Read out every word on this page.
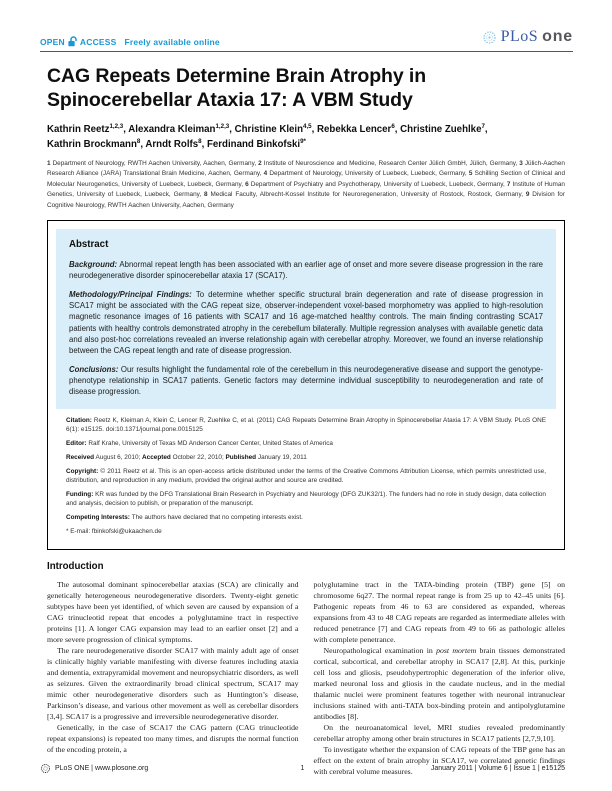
OPEN ACCESS Freely available online	PLoS one
CAG Repeats Determine Brain Atrophy in
Spinocerebellar Ataxia 17: A VBM Study
Kathrin Reetz$^{1,2,3}$, Alexandra Kleiman$^{1,2,3}$, Christine Klein$^{4,5}$, Rebekka Lencer$^6$, Christine Zuehlke$^7$,
Kathrin Brockmann$^8$, Arndt Rolfs$^8$, Ferdinand Binkofski$^{9*}$
1 Department of Neurology, RWTH Aachen University, Aachen, Germany, 2 Institute of Neuroscience and Medicine, Research Center Jülich GmbH, Jülich, Germany, 3 Jülich-Aachen Research Alliance (JARA) Translational Brain Medicine, Aachen, Germany, 4 Department of Neurology, University of Luebeck, Luebeck, Germany, 5 Schilling Section of Clinical and Molecular Neurogenetics, University of Luebeck, Luebeck, Germany, 6 Department of Psychiatry and Psychotherapy, University of Luebeck, Luebeck, Germany, 7 Institute of Human Genetics, University of Luebeck, Luebeck, Germany, 8 Medical Faculty, Albrecht-Kossel Institute for Neuroregeneration, University of Rostock, Rostock, Germany, 9 Division for Cognitive Neurology, RWTH Aachen University, Aachen, Germany
Abstract

Background: Abnormal repeat length has been associated with an earlier age of onset and more severe disease progression in the rare neurodegenerative disorder spinocerebellar ataxia 17 (SCA17).

Methodology/Principal Findings: To determine whether specific structural brain degeneration and rate of disease progression in SCA17 might be associated with the CAG repeat size, observer-independent voxel-based morphometry was applied to high-resolution magnetic resonance images of 16 patients with SCA17 and 16 age-matched healthy controls. The main finding contrasting SCA17 patients with healthy controls demonstrated atrophy in the cerebellum bilaterally. Multiple regression analyses with available genetic data and also post-hoc correlations revealed an inverse relationship again with cerebellar atrophy. Moreover, we found an inverse relationship between the CAG repeat length and rate of disease progression.

Conclusions: Our results highlight the fundamental role of the cerebellum in this neurodegenerative disease and support the genotype-phenotype relationship in SCA17 patients. Genetic factors may determine individual susceptibility to neurodegeneration and rate of disease progression.

Citation: Reetz K, Kleiman A, Klein C, Lencer R, Zuehlke C, et al. (2011) CAG Repeats Determine Brain Atrophy in Spinocerebellar Ataxia 17: A VBM Study. PLoS ONE 6(1): e15125. doi:10.1371/journal.pone.0015125

Editor: Ralf Krahe, University of Texas MD Anderson Cancer Center, United States of America

Received August 6, 2010; Accepted October 22, 2010; Published January 19, 2011

Copyright: © 2011 Reetz et al. This is an open-access article distributed under the terms of the Creative Commons Attribution License, which permits unrestricted use, distribution, and reproduction in any medium, provided the original author and source are credited.

Funding: KR was funded by the DFG Translational Brain Research in Psychiatry and Neurology (DFG ZUK32/1). The funders had no role in study design, data collection and analysis, decision to publish, or preparation of the manuscript.

Competing Interests: The authors have declared that no competing interests exist.

* E-mail: fbinkofski@ukaachen.de

Introduction

The autosomal dominant spinocerebellar ataxias (SCA) are clinically and genetically heterogeneous neurodegenerative disorders. Twenty-eight genetic subtypes have been yet identified, of which seven are caused by expansion of a CAG trinucleotid repeat that encodes a polyglutamine tract in respective proteins [1]. A longer CAG expansion may lead to an earlier onset [2] and a more severe progression of clinical symptoms.

The rare neurodegenerative disorder SCA17 with mainly adult age of onset is clinically highly variable manifesting with diverse features including ataxia and dementia, extrapyramidal movement and neuropsychiatric disorders, as well as seizures. Given the extraordinarily broad clinical spectrum, SCA17 may mimic other neurodegenerative disorders such as Huntington’s disease, Parkinson’s disease, and various other movement as well as cerebellar disorders [3,4]. SCA17 is a progressive and irreversible neurodegenerative disorder.

Genetically, in the case of SCA17 the CAG pattern (CAG trinucleotide repeat expansions) is repeated too many times, and disrupts the normal function of the encoding protein, a

polyglutamine tract in the TATA-binding protein (TBP) gene [5] on chromosome 6q27. The normal repeat range is from 25 up to 42–45 units [6]. Pathogenic repeats from 46 to 63 are considered as expanded, whereas expansions from 43 to 48 CAG repeats are regarded as intermediate alleles with reduced penetrance [7] and CAG repeats from 49 to 66 as pathologic alleles with complete penetrance.

Neuropathological examination in post mortem brain tissues demonstrated cortical, subcortical, and cerebellar atrophy in SCA17 [2,8]. At this, purkinje cell loss and gliosis, pseudohypertrophic degeneration of the inferior olive, marked neuronal loss and gliosis in the caudate nucleus, and in the medial thalamic nuclei were prominent features together with neuronal intranuclear inclusions stained with anti-TATA box-binding protein and antipolyglutamine antibodies [8].

On the neuroanatomical level, MRI studies revealed predominantly cerebellar atrophy among other brain structures in SCA17 patients [2,7,9,10].

To investigate whether the expansion of CAG repeats of the TBP gene has an effect on the extent of brain atrophy in SCA17, we correlated genetic findings with cerebral volume measures.

PLoS ONE | www.plosone.org	1	January 2011 | Volume 6 | Issue 1 | e15125
